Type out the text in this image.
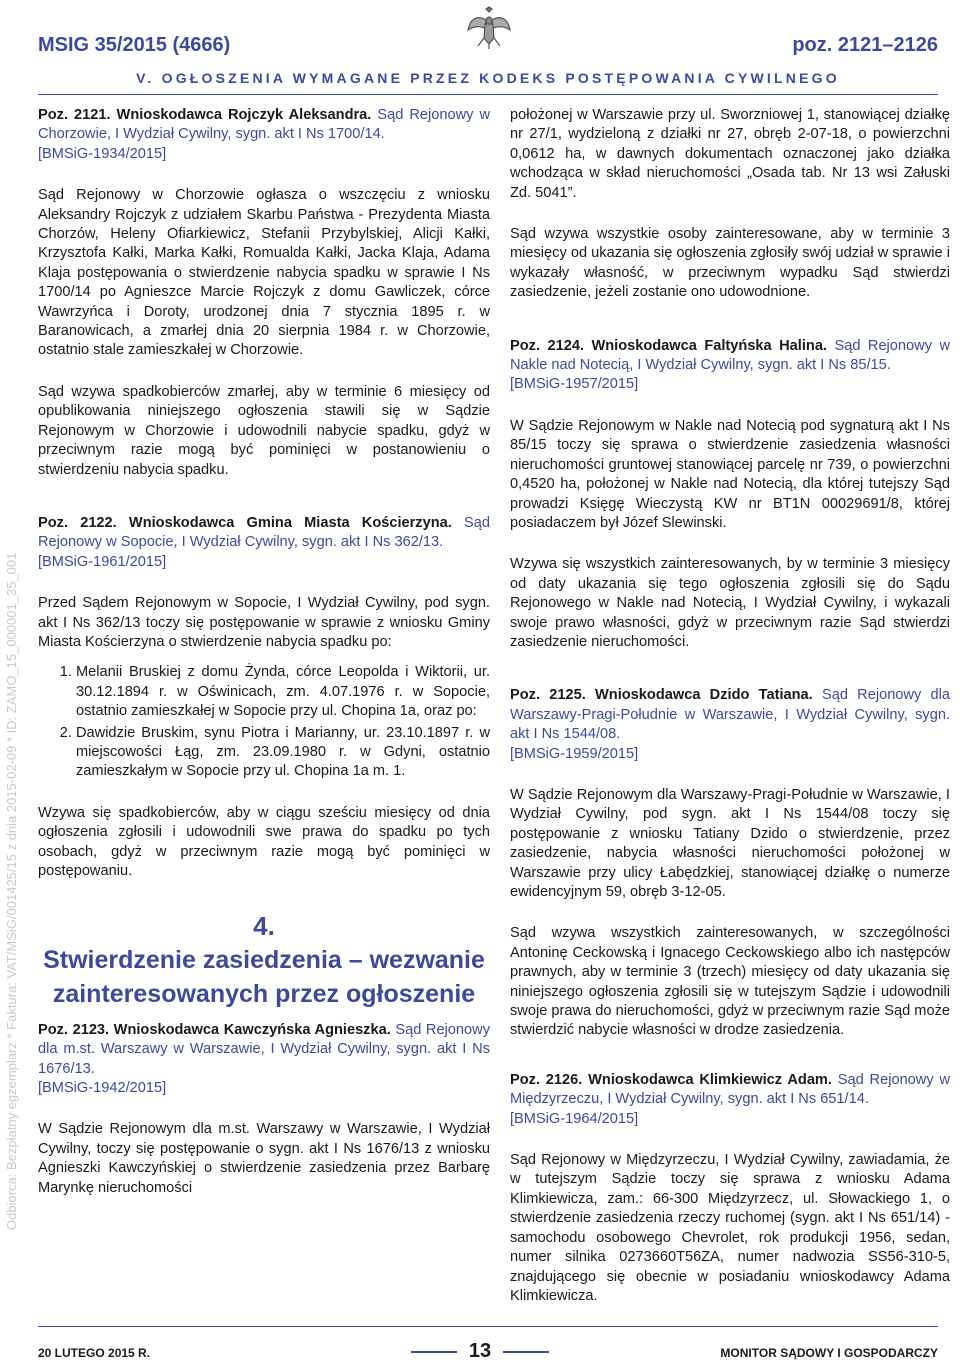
MSIG 35/2015 (4666)	poz. 2121–2126
V. OGŁOSZENIA WYMAGANE PRZEZ KODEKS POSTĘPOWANIA CYWILNEGO
Odbiorca: Bezpłatny egzemplarz * Faktura: VAT/MSiG/001425/15 z dnia 2015-02-09 * ID: ZAMO_15_000001_35_001

Poz. 2121. Wnioskodawca Rojczyk Aleksandra. Sąd Rejonowy w Chorzowie, I Wydział Cywilny, sygn. akt I Ns 1700/14.
[BMSiG-1934/2015]

Sąd Rejonowy w Chorzowie ogłasza o wszczęciu z wniosku Aleksandry Rojczyk z udziałem Skarbu Państwa - Prezydenta Miasta Chorzów, Heleny Ofiarkiewicz, Stefanii Przybylskiej, Alicji Kałki, Krzysztofa Kałki, Marka Kałki, Romualda Kałki, Jacka Klaja, Adama Klaja postępowania o stwierdzenie nabycia spadku w sprawie I Ns 1700/14 po Agnieszce Marcie Rojczyk z domu Gawliczek, córce Wawrzyńca i Doroty, urodzonej dnia 7 stycznia 1895 r. w Baranowicach, a zmarłej dnia 20 sierpnia 1984 r. w Chorzowie, ostatnio stale zamieszkałej w Chorzowie.

Sąd wzywa spadkobierców zmarłej, aby w terminie 6 miesięcy od opublikowania niniejszego ogłoszenia stawili się w Sądzie Rejonowym w Chorzowie i udowodnili nabycie spadku, gdyż w przeciwnym razie mogą być pominięci w postanowieniu o stwierdzeniu nabycia spadku.

Poz. 2122. Wnioskodawca Gmina Miasta Kościerzyna. Sąd Rejonowy w Sopocie, I Wydział Cywilny, sygn. akt I Ns 362/13.
[BMSiG-1961/2015]

Przed Sądem Rejonowym w Sopocie, I Wydział Cywilny, pod sygn. akt I Ns 362/13 toczy się postępowanie w sprawie z wniosku Gminy Miasta Kościerzyna o stwierdzenie nabycia spadku po:

1. Melanii Bruskiej z domu Żynda, córce Leopolda i Wiktorii, ur. 30.12.1894 r. w Oświnicach, zm. 4.07.1976 r. w Sopocie, ostatnio zamieszkałej w Sopocie przy ul. Chopina 1a, oraz po:
2. Dawidzie Bruskim, synu Piotra i Marianny, ur. 23.10.1897 r. w miejscowości Łąg, zm. 23.09.1980 r. w Gdyni, ostatnio zamieszkałym w Sopocie przy ul. Chopina 1a m. 1.

Wzywa się spadkobierców, aby w ciągu sześciu miesięcy od dnia ogłoszenia zgłosili i udowodnili swe prawa do spadku po tych osobach, gdyż w przeciwnym razie mogą być pominięci w postępowaniu.

4.
Stwierdzenie zasiedzenia – wezwanie zainteresowanych przez ogłoszenie

Poz. 2123. Wnioskodawca Kawczyńska Agnieszka. Sąd Rejonowy dla m.st. Warszawy w Warszawie, I Wydział Cywilny, sygn. akt I Ns 1676/13.
[BMSiG-1942/2015]

W Sądzie Rejonowym dla m.st. Warszawy w Warszawie, I Wydział Cywilny, toczy się postępowanie o sygn. akt I Ns 1676/13 z wniosku Agnieszki Kawczyńskiej o stwierdzenie zasiedzenia przez Barbarę Marynkę nieruchomości

położonej w Warszawie przy ul. Sworzniowej 1, stanowiącej działkę nr 27/1, wydzieloną z działki nr 27, obręb 2-07-18, o powierzchni 0,0612 ha, w dawnych dokumentach oznaczonej jako działka wchodząca w skład nieruchomości „Osada tab. Nr 13 wsi Załuski Zd. 5041”.

Sąd wzywa wszystkie osoby zainteresowane, aby w terminie 3 miesięcy od ukazania się ogłoszenia zgłosiły swój udział w sprawie i wykazały własność, w przeciwnym wypadku Sąd stwierdzi zasiedzenie, jeżeli zostanie ono udowodnione.

Poz. 2124. Wnioskodawca Faltyńska Halina. Sąd Rejonowy w Nakle nad Notecią, I Wydział Cywilny, sygn. akt I Ns 85/15.
[BMSiG-1957/2015]

W Sądzie Rejonowym w Nakle nad Notecią pod sygnaturą akt I Ns 85/15 toczy się sprawa o stwierdzenie zasiedzenia własności nieruchomości gruntowej stanowiącej parcelę nr 739, o powierzchni 0,4520 ha, położonej w Nakle nad Notecią, dla której tutejszy Sąd prowadzi Księgę Wieczystą KW nr BT1N 00029691/8, której posiadaczem był Józef Slewinski.

Wzywa się wszystkich zainteresowanych, by w terminie 3 miesięcy od daty ukazania się tego ogłoszenia zgłosili się do Sądu Rejonowego w Nakle nad Notecią, I Wydział Cywilny, i wykazali swoje prawo własności, gdyż w przeciwnym razie Sąd stwierdzi zasiedzenie nieruchomości.

Poz. 2125. Wnioskodawca Dzido Tatiana. Sąd Rejonowy dla Warszawy-Pragi-Południe w Warszawie, I Wydział Cywilny, sygn. akt I Ns 1544/08.
[BMSiG-1959/2015]

W Sądzie Rejonowym dla Warszawy-Pragi-Południe w Warszawie, I Wydział Cywilny, pod sygn. akt I Ns 1544/08 toczy się postępowanie z wniosku Tatiany Dzido o stwierdzenie, przez zasiedzenie, nabycia własności nieruchomości położonej w Warszawie przy ulicy Łabędzkiej, stanowiącej działkę o numerze ewidencyjnym 59, obręb 3-12-05.

Sąd wzywa wszystkich zainteresowanych, w szczególności Antoninę Ceckowską i Ignacego Ceckowskiego albo ich następców prawnych, aby w terminie 3 (trzech) miesięcy od daty ukazania się niniejszego ogłoszenia zgłosili się w tutejszym Sądzie i udowodnili swoje prawa do nieruchomości, gdyż w przeciwnym razie Sąd może stwierdzić nabycie własności w drodze zasiedzenia.

Poz. 2126. Wnioskodawca Klimkiewicz Adam. Sąd Rejonowy w Międzyrzeczu, I Wydział Cywilny, sygn. akt I Ns 651/14.
[BMSiG-1964/2015]

Sąd Rejonowy w Międzyrzeczu, I Wydział Cywilny, zawiadamia, że w tutejszym Sądzie toczy się sprawa z wniosku Adama Klimkiewicza, zam.: 66-300 Międzyrzecz, ul. Słowackiego 1, o stwierdzenie zasiedzenia rzeczy ruchomej (sygn. akt I Ns 651/14) - samochodu osobowego Chevrolet, rok produkcji 1956, sedan, numer silnika 0273660T56ZA, numer nadwozia SS56-310-5, znajdującego się obecnie w posiadaniu wnioskodawcy Adama Klimkiewicza.

20 LUTEGO 2015 R.	13	MONITOR SĄDOWY I GOSPODARCZY
